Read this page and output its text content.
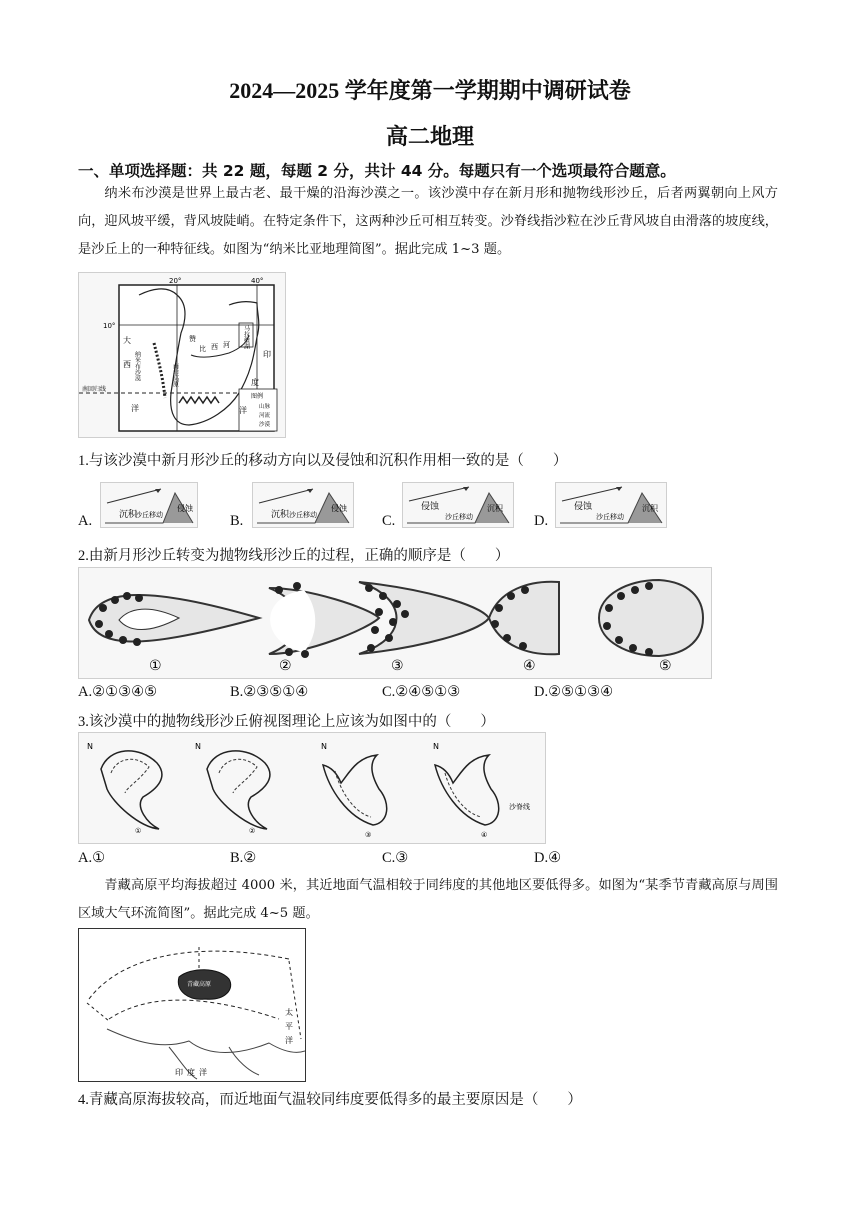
2024—2025 学年度第一学期期中调研试卷
高二地理
一、单项选择题：共 22 题，每题 2 分，共计 44 分。每题只有一个选项最符合题意。

纳米布沙漠是世界上最古老、最干燥的沿海沙漠之一。该沙漠中存在新月形和抛物线形沙丘，后者两翼朝向上风方向，迎风坡平缓，背风坡陡峭。在特定条件下，这两种沙丘可相互转变。沙脊线指沙粒在沙丘背风坡自由滑落的坡度线，是沙丘上的一种特征线。如图为“纳米比亚地理简图”。据此完成 1~3 题。

20°	40°
10°
南回归线
大
西
洋
纳米布沙漠	南非高原
赞
比 西 河 马拉维湖
印
度
洋
图例
山脉
河流
沙漠
1.与该沙漠中新月形沙丘的移动方向以及侵蚀和沉积作用相一致的是（　　）
A.	沉积
侵蚀
沙丘移动	B.	沉积
侵蚀
沙丘移动	C.
侵蚀	沉积
沙丘移动	D.
侵蚀	沉积
沙丘移动
2.由新月形沙丘转变为抛物线形沙丘的过程，正确的顺序是（　　）
①	②	③	④	⑤
A.②①③④⑤	B.②③⑤①④	C.②④⑤①③	D.②⑤①③④
3.该沙漠中的抛物线形沙丘俯视图理论上应该为如图中的（　　）
N
①
N
②
N
③
N
④
沙脊线
A.①	B.②	C.③	D.④

青藏高原平均海拔超过 4000 米，其近地面气温相较于同纬度的其他地区要低得多。如图为“某季节青藏高原与周围区域大气环流简图”。据此完成 4~5 题。

青藏高原
太
平
洋
印 度 洋
4.青藏高原海拔较高，而近地面气温较同纬度要低得多的最主要原因是（　　）
